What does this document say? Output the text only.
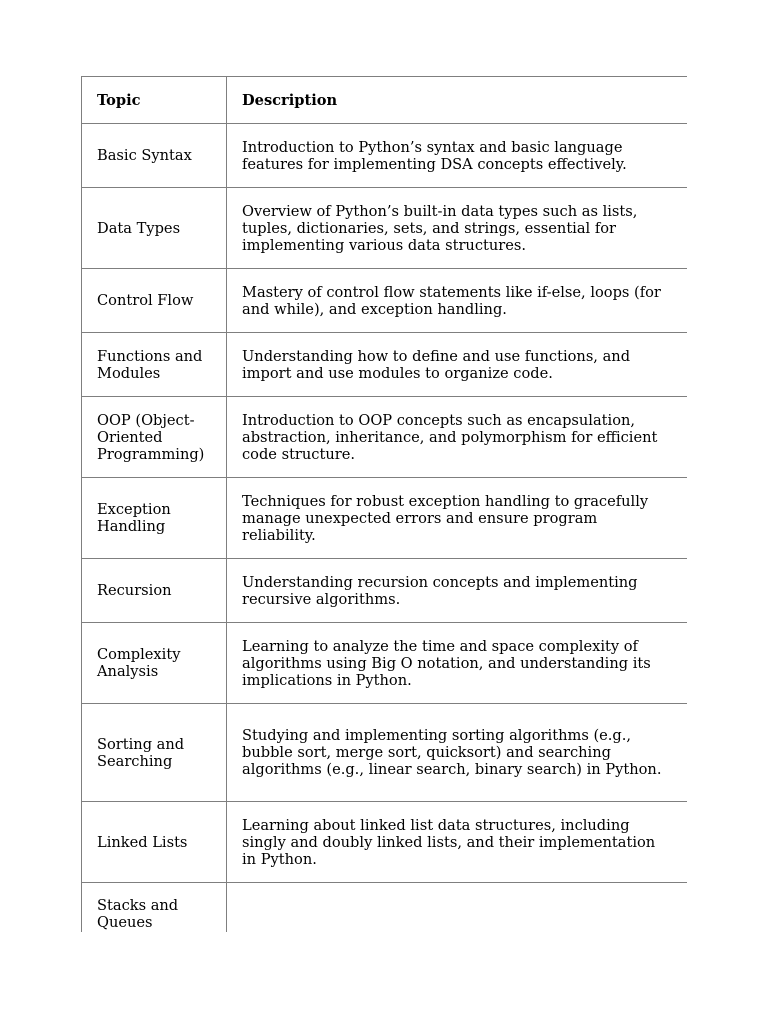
Topic	Description
Basic Syntax	Introduction to Python’s syntax and basic language features for implementing DSA concepts effectively.
Data Types	Overview of Python’s built-in data types such as lists, tuples, dictionaries, sets, and strings, essential for implementing various data structures.
Control Flow	Mastery of control flow statements like if-else, loops (for and while), and exception handling.
Functions and Modules	Understanding how to define and use functions, and import and use modules to organize code.
OOP (Object-Oriented Programming)	Introduction to OOP concepts such as encapsulation, abstraction, inheritance, and polymorphism for efficient code structure.
Exception Handling	Techniques for robust exception handling to gracefully manage unexpected errors and ensure program reliability.
Recursion	Understanding recursion concepts and implementing recursive algorithms.
Complexity Analysis	Learning to analyze the time and space complexity of algorithms using Big O notation, and understanding its implications in Python.
Sorting and Searching	Studying and implementing sorting algorithms (e.g., bubble sort, merge sort, quicksort) and searching algorithms (e.g., linear search, binary search) in Python.
Linked Lists	Learning about linked list data structures, including singly and doubly linked lists, and their implementation in Python.
Stacks and Queues	
